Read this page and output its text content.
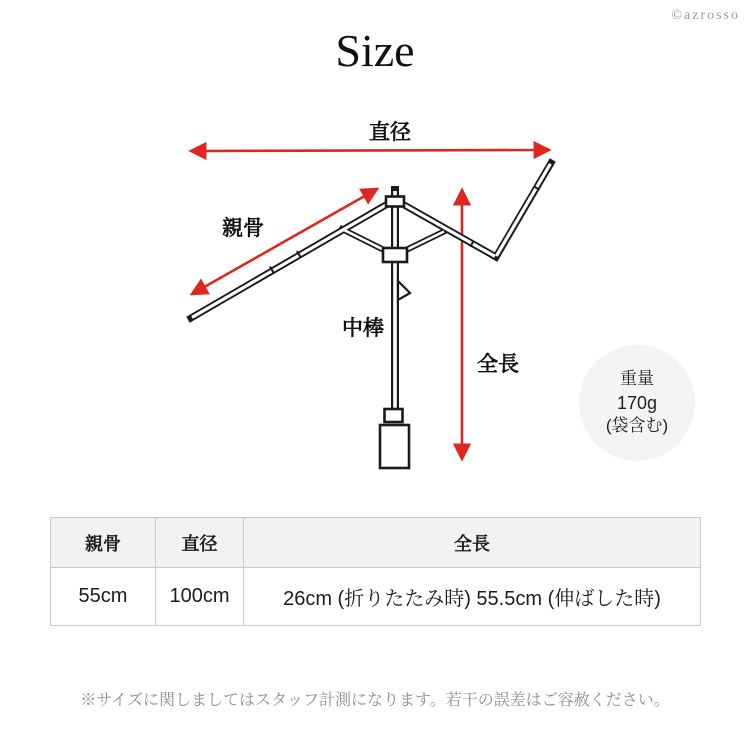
©azrosso
Size
直径
親骨
中棒
全長
重量
170g
(袋含む)
親骨	直径	全長
55cm	100cm	26cm (折りたたみ時) 55.5cm (伸ばした時)
※サイズに関しましてはスタッフ計測になります。若干の誤差はご容赦ください。
